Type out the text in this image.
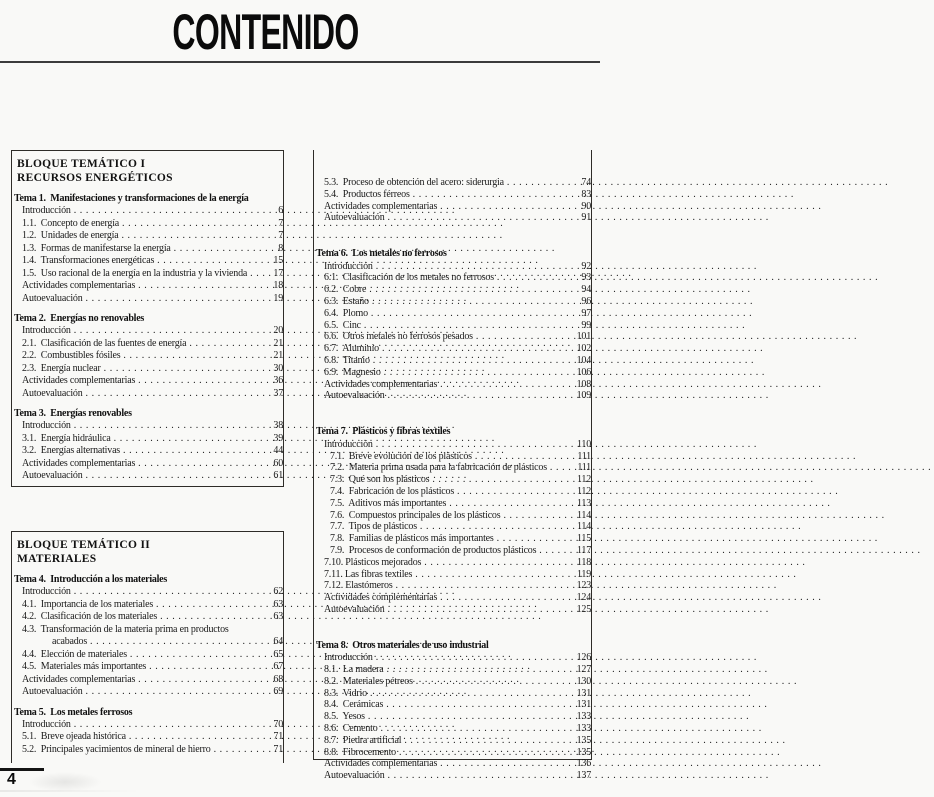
CONTENIDO
BLOQUE TEMÁTICO I
RECURSOS ENERGÉTICOS
Tema 1.  Manifestaciones y transformaciones de la energía
Introducción .....	6
1.1.  Concepto de energía .....	7
1.2.  Unidades de energía .....	7
1.3.  Formas de manifestarse la energía .....	8
1.4.  Transformaciones energéticas .....	15
1.5.  Uso racional de la energía en la industria y la vivienda .....	17
Actividades complementarias .....	18
Autoevaluación .....	19
Tema 2.  Energías no renovables
Introducción .....	20
2.1.  Clasificación de las fuentes de energía .....	21
2.2.  Combustibles fósiles .....	21
2.3.  Energía nuclear .....	30
Actividades complementarias .....	36
Autoevaluación .....	37
Tema 3.  Energías renovables
Introducción .....	38
3.1.  Energía hidráulica .....	39
3.2.  Energías alternativas .....	44
Actividades complementarias .....	60
Autoevaluación .....	61
BLOQUE TEMÁTICO II
MATERIALES
Tema 4.  Introducción a los materiales
Introducción .....	62
4.1.  Importancia de los materiales .....	63
4.2.  Clasificación de los materiales .....	63
4.3.  Transformación de la materia prima en productos
acabados .....	64
4.4.  Elección de materiales .....	65
4.5.  Materiales más importantes .....	67
Actividades complementarias .....	68
Autoevaluación .....	69
Tema 5.  Los metales ferrosos
Introducción .....	70
5.1.  Breve ojeada histórica .....	71
5.2.  Principales yacimientos de mineral de hierro .....	71
5.3.  Proceso de obtención del acero: siderurgia .....	74
5.4.  Productos férreos .....	83
Actividades complementarias .....	90
Autoevaluación .....	91
Tema 6.  Los metales no ferrosos
Introducción .....	92
6.1.  Clasificación de los metales no ferrosos .....	93
6.2.  Cobre .....	94
6.3.  Estaño .....	96
6.4.  Plomo .....	97
6.5.  Cinc .....	99
6.6.  Otros metales no ferrosos pesados .....	101
6.7.  Aluminio .....	102
6.8.  Titanio .....	104
6.9.  Magnesio .....	106
Actividades complementarias .....	108
Autoevaluación .....	109
Tema 7.  Plásticos y fibras textiles
Introducción .....	110
7.1.  Breve evolución de los plásticos .....	111
7.2.  Materia prima usada para la fabricación de plásticos .....	111
7.3.  Qué son los plásticos .....	112
7.4.  Fabricación de los plásticos .....	112
7.5.  Aditivos más importantes .....	113
7.6.  Compuestos principales de los plásticos .....	114
7.7.  Tipos de plásticos .....	114
7.8.  Familias de plásticos más importantes .....	115
7.9.  Procesos de conformación de productos plásticos .....	117
7.10. Plásticos mejorados .....	118
7.11. Las fibras textiles .....	119
7.12. Elastómeros .....	123
Actividades complementarias .....	124
Autoevaluación .....	125
Tema 8.  Otros materiales de uso industrial
Introducción .....	126
8.1.  La madera .....	127
8.2.  Materiales pétreos .....	130
8.3.  Vidrio .....	131
8.4.  Cerámicas .....	131
8.5.  Yesos .....	133
8.6.  Cemento .....	133
8.7.  Piedra artificial .....	135
8.8.  Fibrocemento .....	135
Actividades complementarias .....	136
Autoevaluación .....	137
4
